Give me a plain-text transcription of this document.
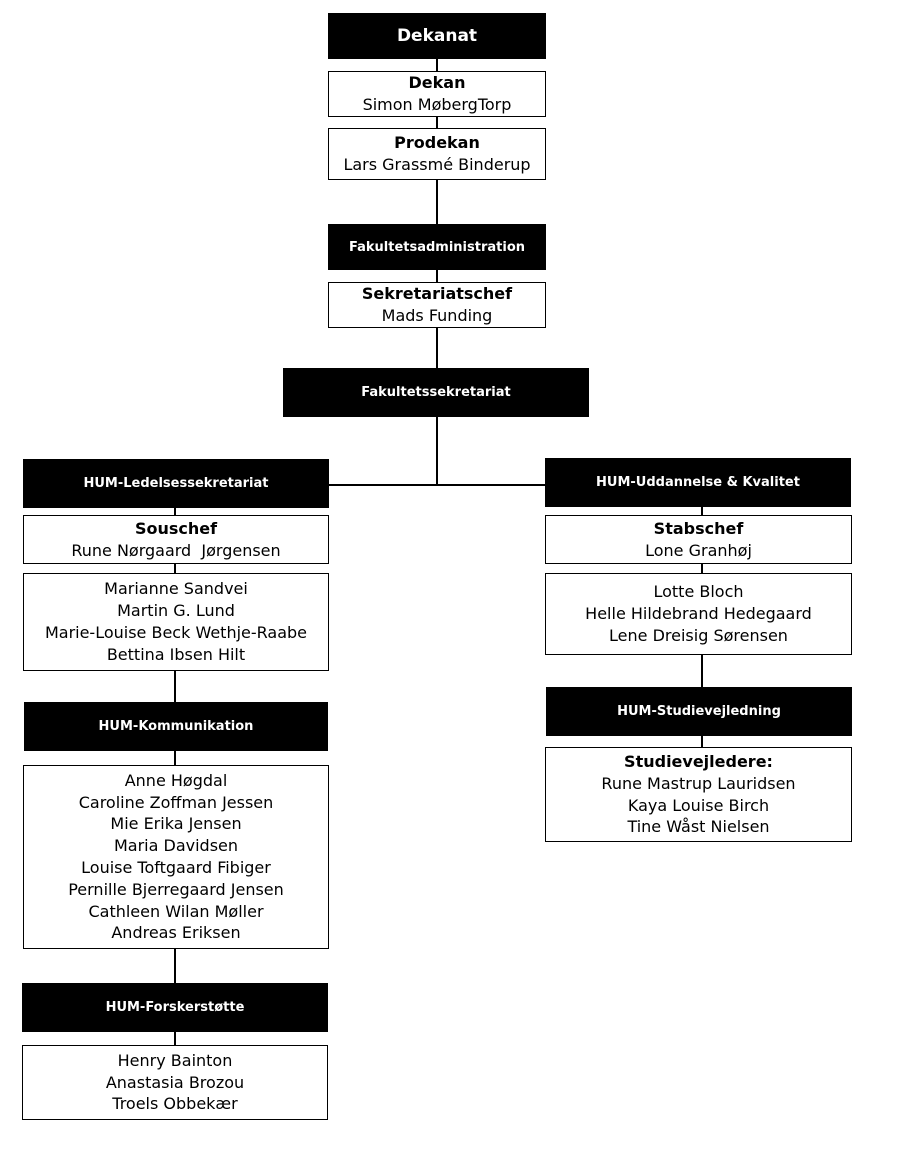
Dekanat
Dekan
Simon MøbergTorp
Prodekan
Lars Grassmé Binderup
Fakultetsadministration
Sekretariatschef
Mads Funding
Fakultetssekretariat
HUM-Ledelsessekretariat
Souschef
Rune Nørgaard  Jørgensen
Marianne Sandvei
Martin G. Lund
Marie-Louise Beck Wethje-Raabe
Bettina Ibsen Hilt
HUM-Kommunikation
Anne Høgdal
Caroline Zoffman Jessen
Mie Erika Jensen
Maria Davidsen
Louise Toftgaard Fibiger
Pernille Bjerregaard Jensen
Cathleen Wilan Møller
Andreas Eriksen
HUM-Forskerstøtte
Henry Bainton
Anastasia Brozou
Troels Obbekær
HUM-Uddannelse & Kvalitet
Stabschef
Lone Granhøj
Lotte Bloch
Helle Hildebrand Hedegaard
Lene Dreisig Sørensen
HUM-Studievejledning
Studievejledere:
Rune Mastrup Lauridsen
Kaya Louise Birch
Tine Wåst Nielsen
